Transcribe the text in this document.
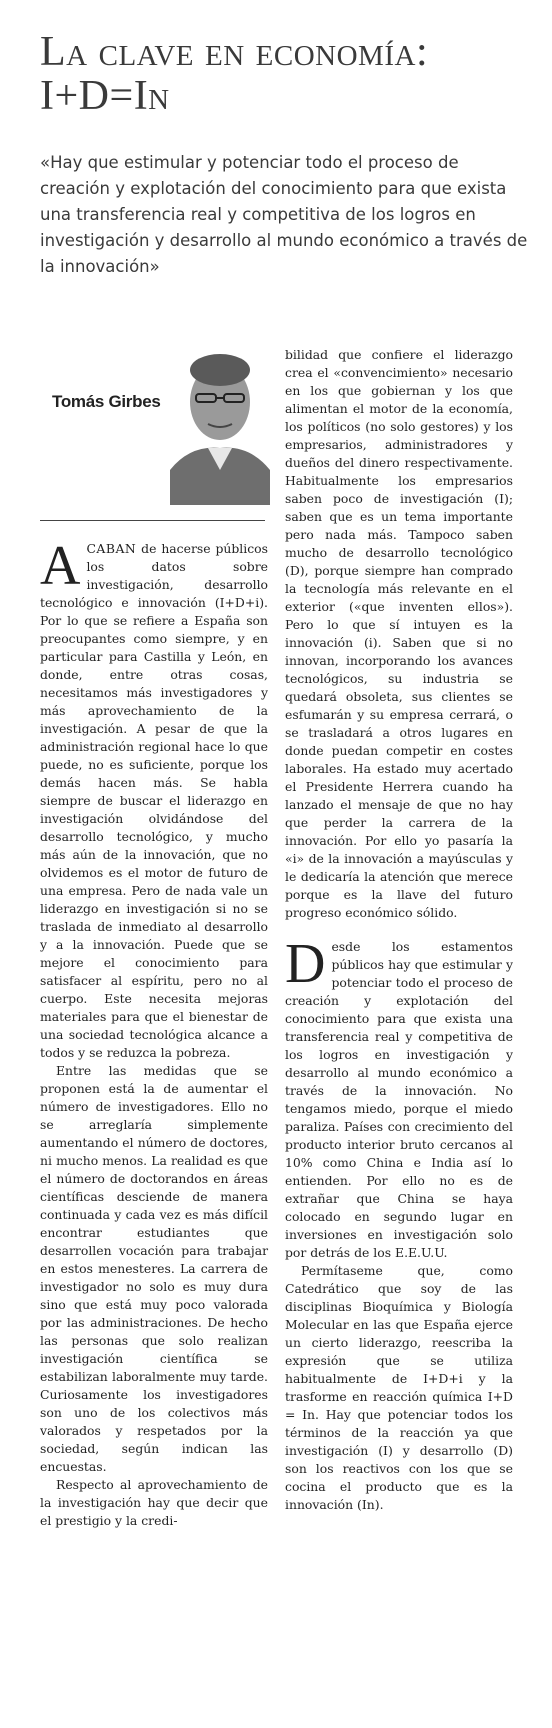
La clave en economía:
I+D=In
«Hay que estimular y potenciar todo el proceso de creación y explotación del conocimiento para que exista una transferencia real y competitiva de los logros en investigación y desarrollo al mundo económico a través de la innovación»
Tomás Girbes

ACABAN de hacerse públicos los datos sobre investigación, desarrollo tecnológico e innovación (I+D+i). Por lo que se refiere a España son preocupantes como siempre, y en particular para Castilla y León, en donde, entre otras cosas, necesitamos más investigadores y más aprovechamiento de la investigación. A pesar de que la administración regional hace lo que puede, no es suficiente, porque los demás hacen más. Se habla siempre de buscar el liderazgo en investigación olvidándose del desarrollo tecnológico, y mucho más aún de la innovación, que no olvidemos es el motor de futuro de una empresa. Pero de nada vale un liderazgo en investigación si no se traslada de inmediato al desarrollo y a la innovación. Puede que se mejore el conocimiento para satisfacer al espíritu, pero no al cuerpo. Este necesita mejoras materiales para que el bienestar de una sociedad tecnológica alcance a todos y se reduzca la pobreza.

Entre las medidas que se proponen está la de aumentar el número de investigadores. Ello no se arreglaría simplemente aumentando el número de doctores, ni mucho menos. La realidad es que el número de doctorandos en áreas científicas desciende de manera continuada y cada vez es más difícil encontrar estudiantes que desarrollen vocación para trabajar en estos menesteres. La carrera de investigador no solo es muy dura sino que está muy poco valorada por las administraciones. De hecho las personas que solo realizan investigación científica se estabilizan laboralmente muy tarde. Curiosamente los investigadores son uno de los colectivos más valorados y respetados por la sociedad, según indican las encuestas.

Respecto al aprovechamiento de la investigación hay que decir que el prestigio y la credi-

bilidad que confiere el liderazgo crea el «convencimiento» necesario en los que gobiernan y los que alimentan el motor de la economía, los políticos (no solo gestores) y los empresarios, administradores y dueños del dinero respectivamente. Habitualmente los empresarios saben poco de investigación (I); saben que es un tema importante pero nada más. Tampoco saben mucho de desarrollo tecnológico (D), porque siempre han comprado la tecnología más relevante en el exterior («que inventen ellos»). Pero lo que sí intuyen es la innovación (i). Saben que si no innovan, incorporando los avances tecnológicos, su industria se quedará obsoleta, sus clientes se esfumarán y su empresa cerrará, o se trasladará a otros lugares en donde puedan competir en costes laborales. Ha estado muy acertado el Presidente Herrera cuando ha lanzado el mensaje de que no hay que perder la carrera de la innovación. Por ello yo pasaría la «i» de la innovación a mayúsculas y le dedicaría la atención que merece porque es la llave del futuro progreso económico sólido.

Desde los estamentos públicos hay que estimular y potenciar todo el proceso de creación y explotación del conocimiento para que exista una transferencia real y competitiva de los logros en investigación y desarrollo al mundo económico a través de la innovación. No tengamos miedo, porque el miedo paraliza. Países con crecimiento del producto interior bruto cercanos al 10% como China e India así lo entienden. Por ello no es de extrañar que China se haya colocado en segundo lugar en inversiones en investigación solo por detrás de los E.E.U.U.

Permítaseme que, como Catedrático que soy de las disciplinas Bioquímica y Biología Molecular en las que España ejerce un cierto liderazgo, reescriba la expresión que se utiliza habitualmente de I+D+i y la trasforme en reacción química I+D = In. Hay que potenciar todos los términos de la reacción ya que investigación (I) y desarrollo (D) son los reactivos con los que se cocina el producto que es la innovación (In).
